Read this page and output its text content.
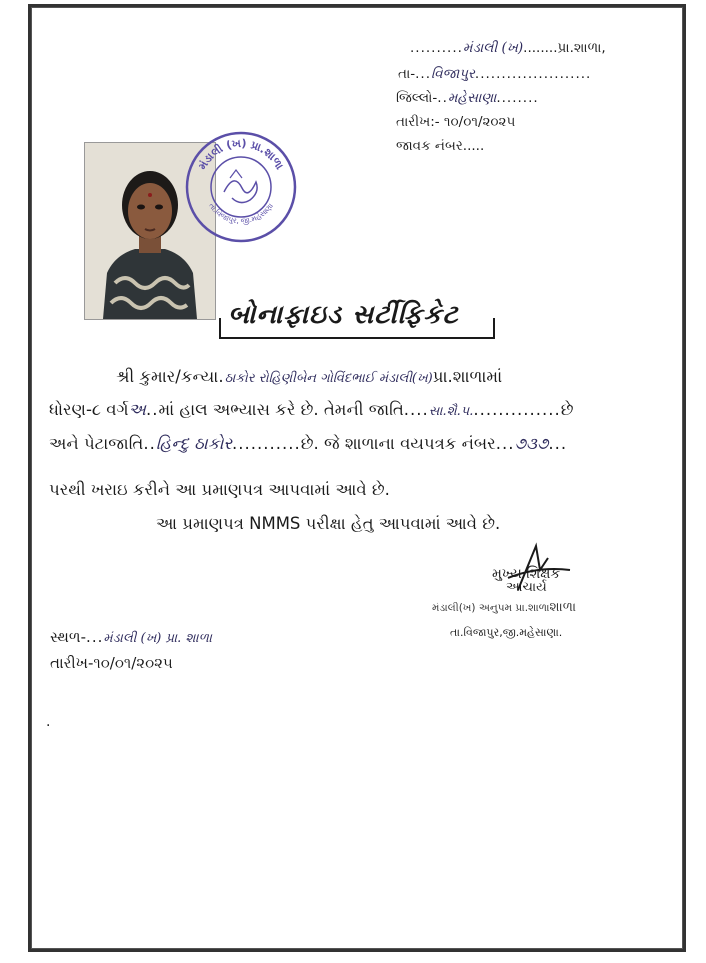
..........મંડાલી (ખ)........પ્રા.શાળા,
તા-...વિજાપુર......................
જિલ્લો-..મહેસાણા........
તારીખ:- ૧૦/૦૧/૨૦૨૫
જાવક નંબર.....
મંડાલી (ખ) પ્રા.શાળા
તા.વિજાપુર, જી.મહેસાણા
બોનાફાઇડ સર્ટીફિકેટ
શ્રી કુમાર/કન્યા.ઠાકોર રોહિણીબેન ગોવિંદભાઈ મંડાલી(ખ)પ્રા.શાળામાં
ધોરણ-૮ વર્ગઅ..માં હાલ અભ્યાસ કરે છે. તેમની જાતિ....સા.શૈ.પ...............છે
અને પેટાજાતિ..હિન્દુ ઠાકોર...........છે. જે શાળાના વયપત્રક નંબર...૭૩૭...
પરથી ખરાઇ કરીને આ પ્રમાણપત્ર આપવામાં આવે છે.
આ પ્રમાણપત્ર NMMS પરીક્ષા હેતુ આપવામાં આવે છે.
મુખ્ય શિક્ષક
આચાર્ય
મંડાલી(ખ) અનુપમ પ્રા.શાળાશાળા
તા.વિજાપુર,જી.મહેસાણા.
સ્થળ-...મંડાલી (ખ) પ્રા. શાળા
તારીખ-૧૦/૦૧/૨૦૨૫
.
